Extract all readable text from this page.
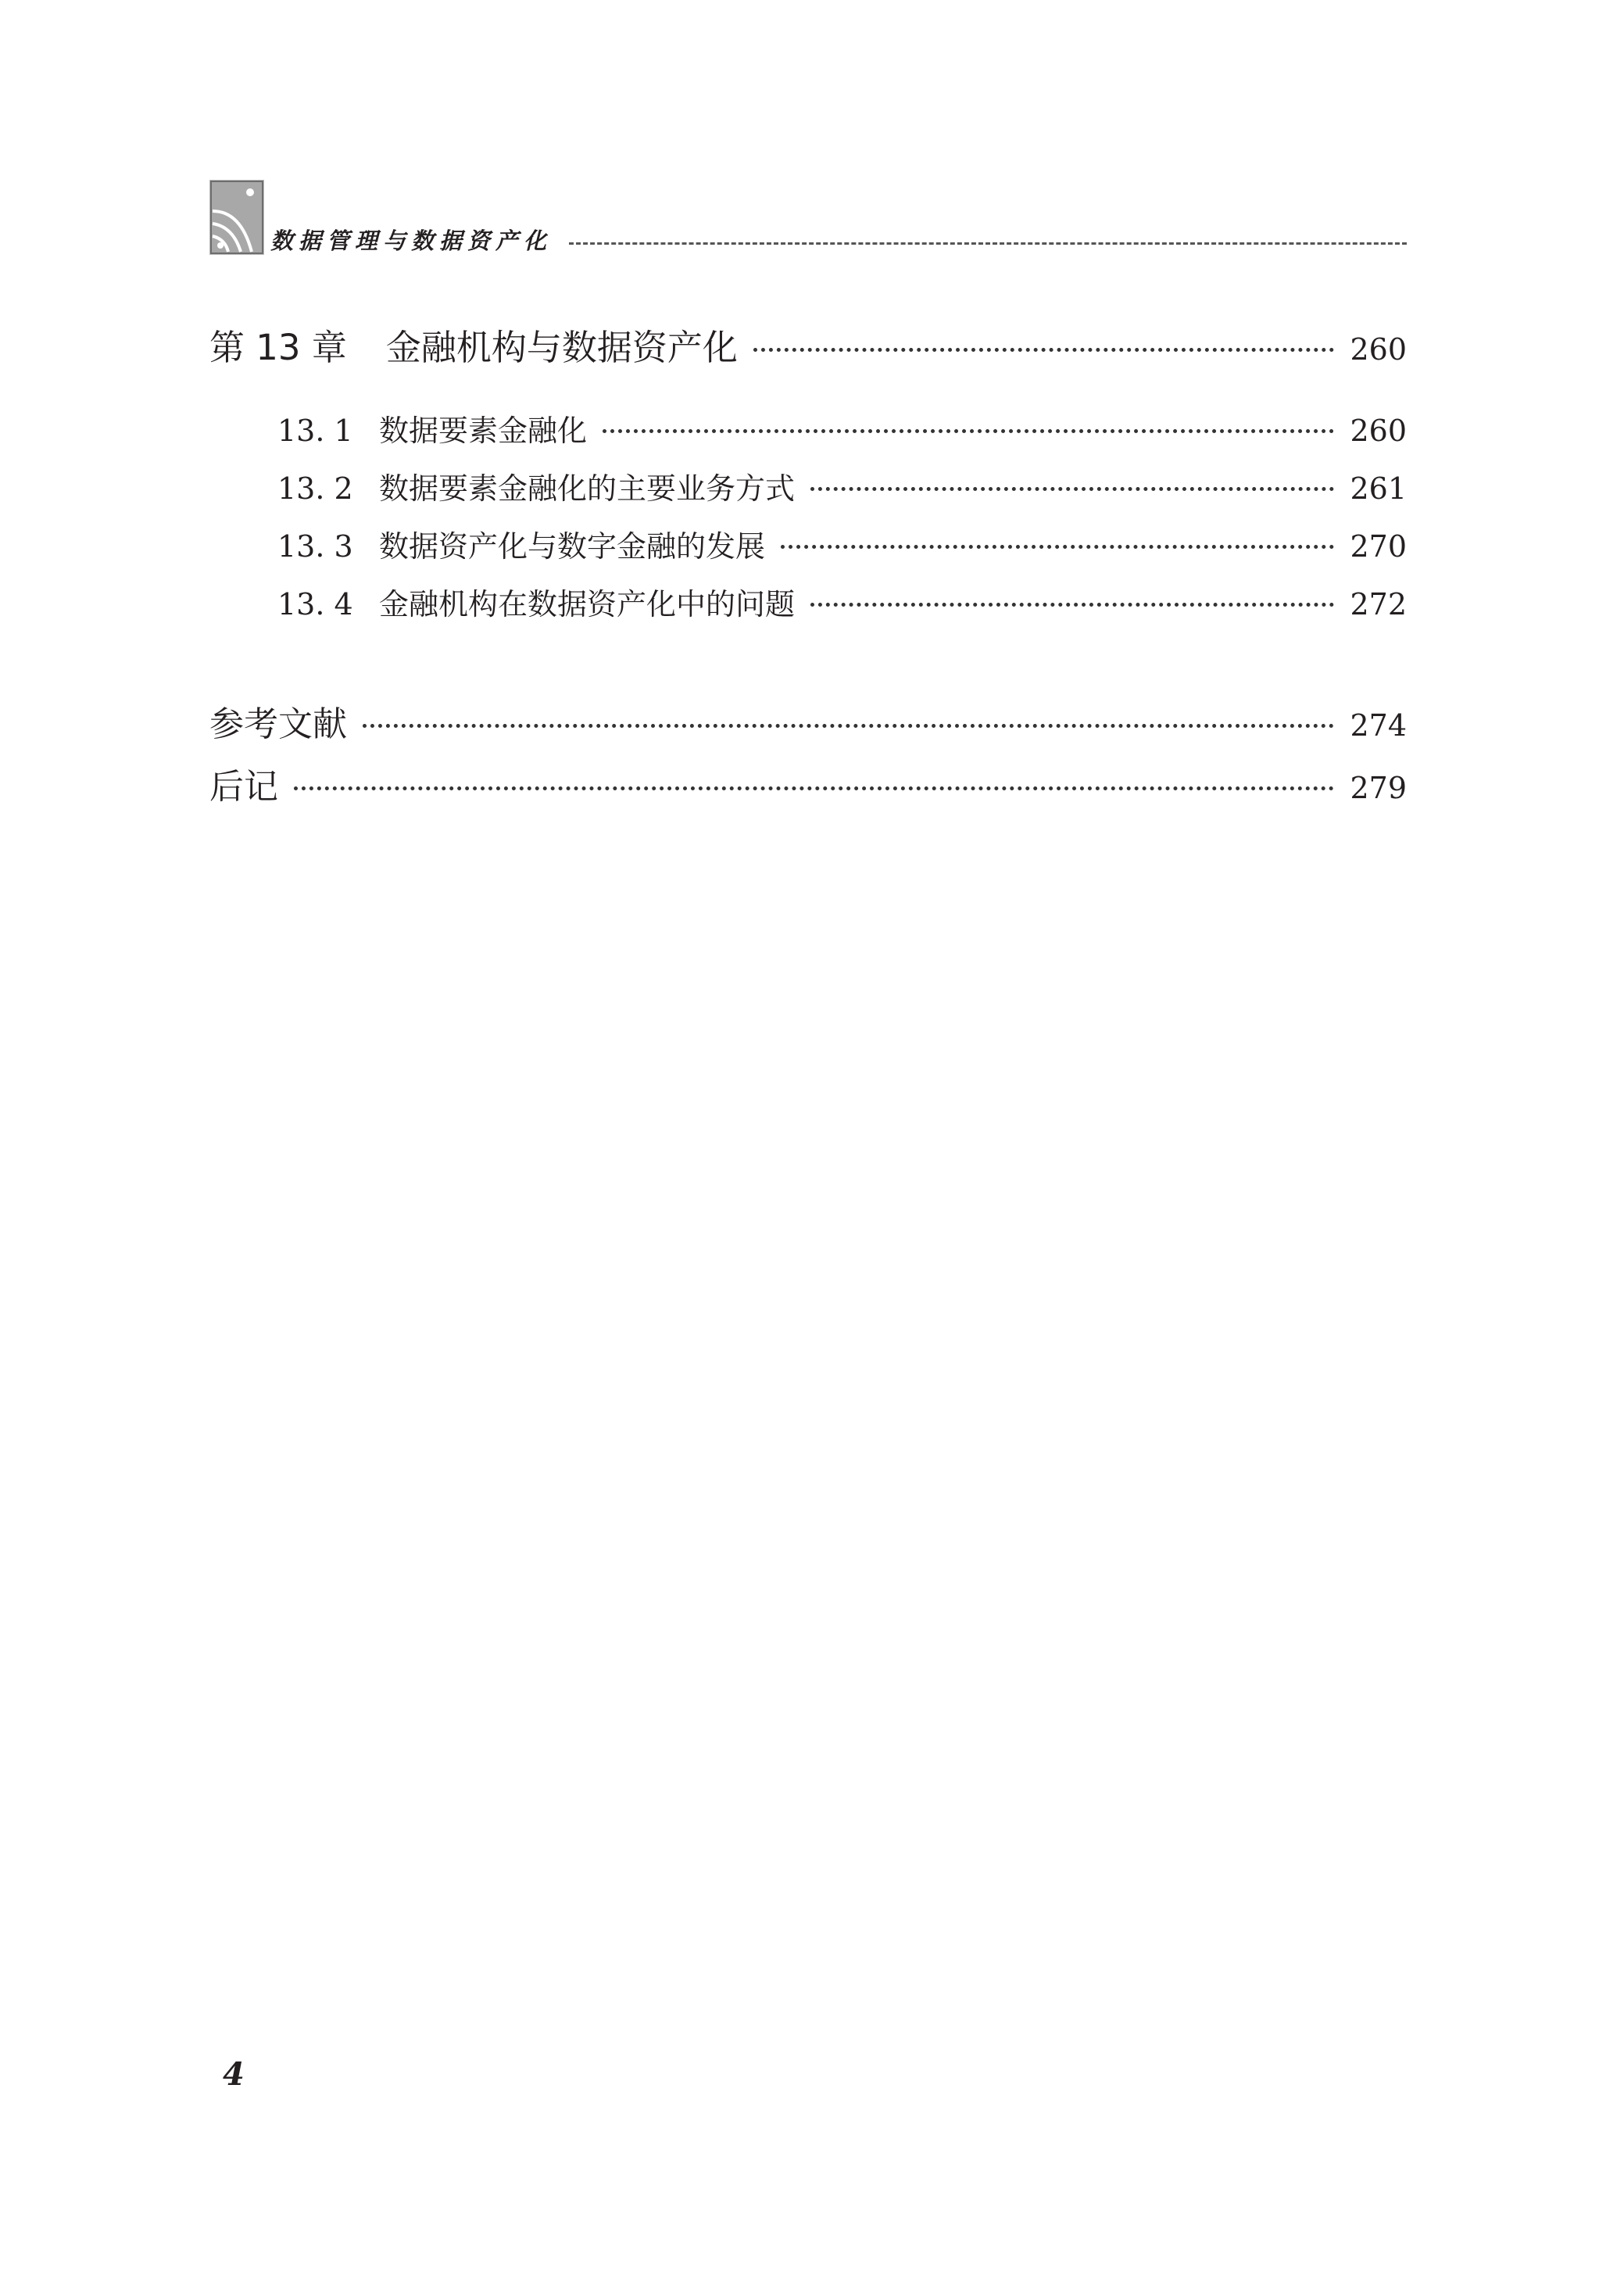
数据管理与数据资产化
第 13 章 金融机构与数据资产化	260
13. 1 数据要素金融化	260
13. 2 数据要素金融化的主要业务方式	261
13. 3 数据资产化与数字金融的发展	270
13. 4 金融机构在数据资产化中的问题	272
参考文献	274
后记	279
4
